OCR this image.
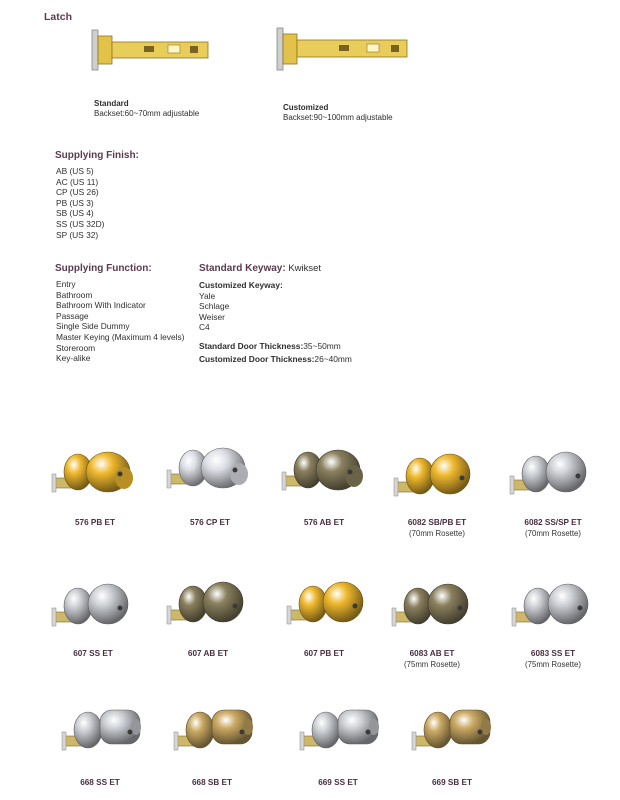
Latch
Standard
Backset:60~70mm adjustable
Customized
Backset:90~100mm adjustable
Supplying Finish:
AB (US 5)
AC (US 11)
CP (US 26)
PB (US 3)
SB (US 4)
SS (US 32D)
SP (US 32)
Supplying Function:
Entry
Bathroom
Bathroom With Indicator
Passage
Single Side Dummy
Master Keying (Maximum 4 levels)
Storeroom
Key-alike
Standard Keyway: Kwikset
Customized Keyway:
Yale
Schlage
Weiser
C4
Standard Door Thickness:35~50mm
Customized Door Thickness:26~40mm
576 PB ET	576 CP ET	576 AB ET	6082 SB/PB ET
(70mm Rosette)
6082 SS/SP ET
(70mm Rosette)
607 SS ET	607 AB ET	607 PB ET	6083 AB ET
(75mm Rosette)
6083 SS ET
(75mm Rosette)
668 SS ET	668 SB ET	669 SS ET	669 SB ET
